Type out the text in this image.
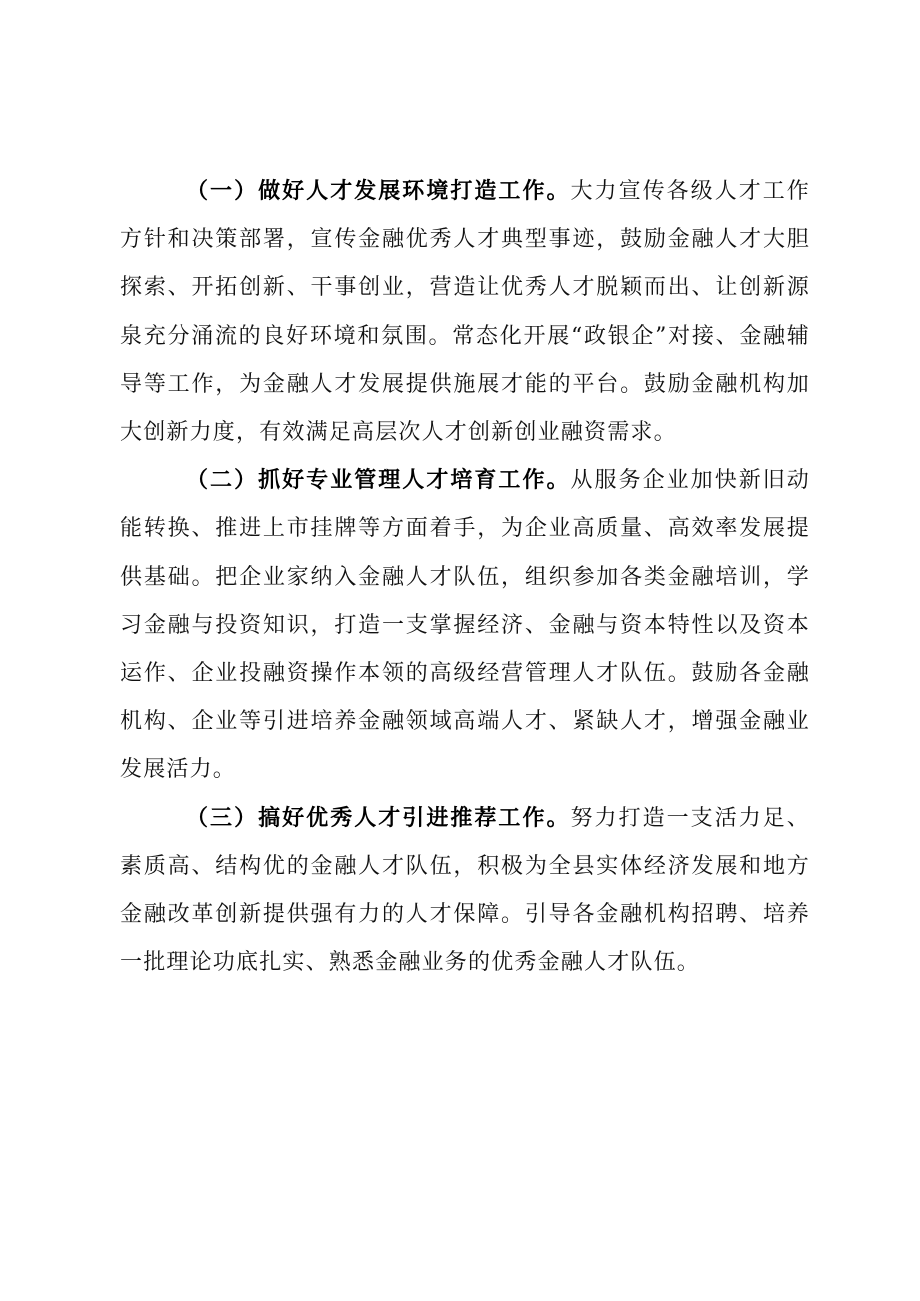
（一）做好人才发展环境打造工作。大力宣传各级人才工作方针和决策部署，宣传金融优秀人才典型事迹，鼓励金融人才大胆探索、开拓创新、干事创业，营造让优秀人才脱颖而出、让创新源泉充分涌流的良好环境和氛围。常态化开展“政银企”对接、金融辅导等工作，为金融人才发展提供施展才能的平台。鼓励金融机构加大创新力度，有效满足高层次人才创新创业融资需求。

（二）抓好专业管理人才培育工作。从服务企业加快新旧动能转换、推进上市挂牌等方面着手，为企业高质量、高效率发展提供基础。把企业家纳入金融人才队伍，组织参加各类金融培训，学习金融与投资知识，打造一支掌握经济、金融与资本特性以及资本运作、企业投融资操作本领的高级经营管理人才队伍。鼓励各金融机构、企业等引进培养金融领域高端人才、紧缺人才，增强金融业发展活力。

（三）搞好优秀人才引进推荐工作。努力打造一支活力足、素质高、结构优的金融人才队伍，积极为全县实体经济发展和地方金融改革创新提供强有力的人才保障。引导各金融机构招聘、培养一批理论功底扎实、熟悉金融业务的优秀金融人才队伍。
